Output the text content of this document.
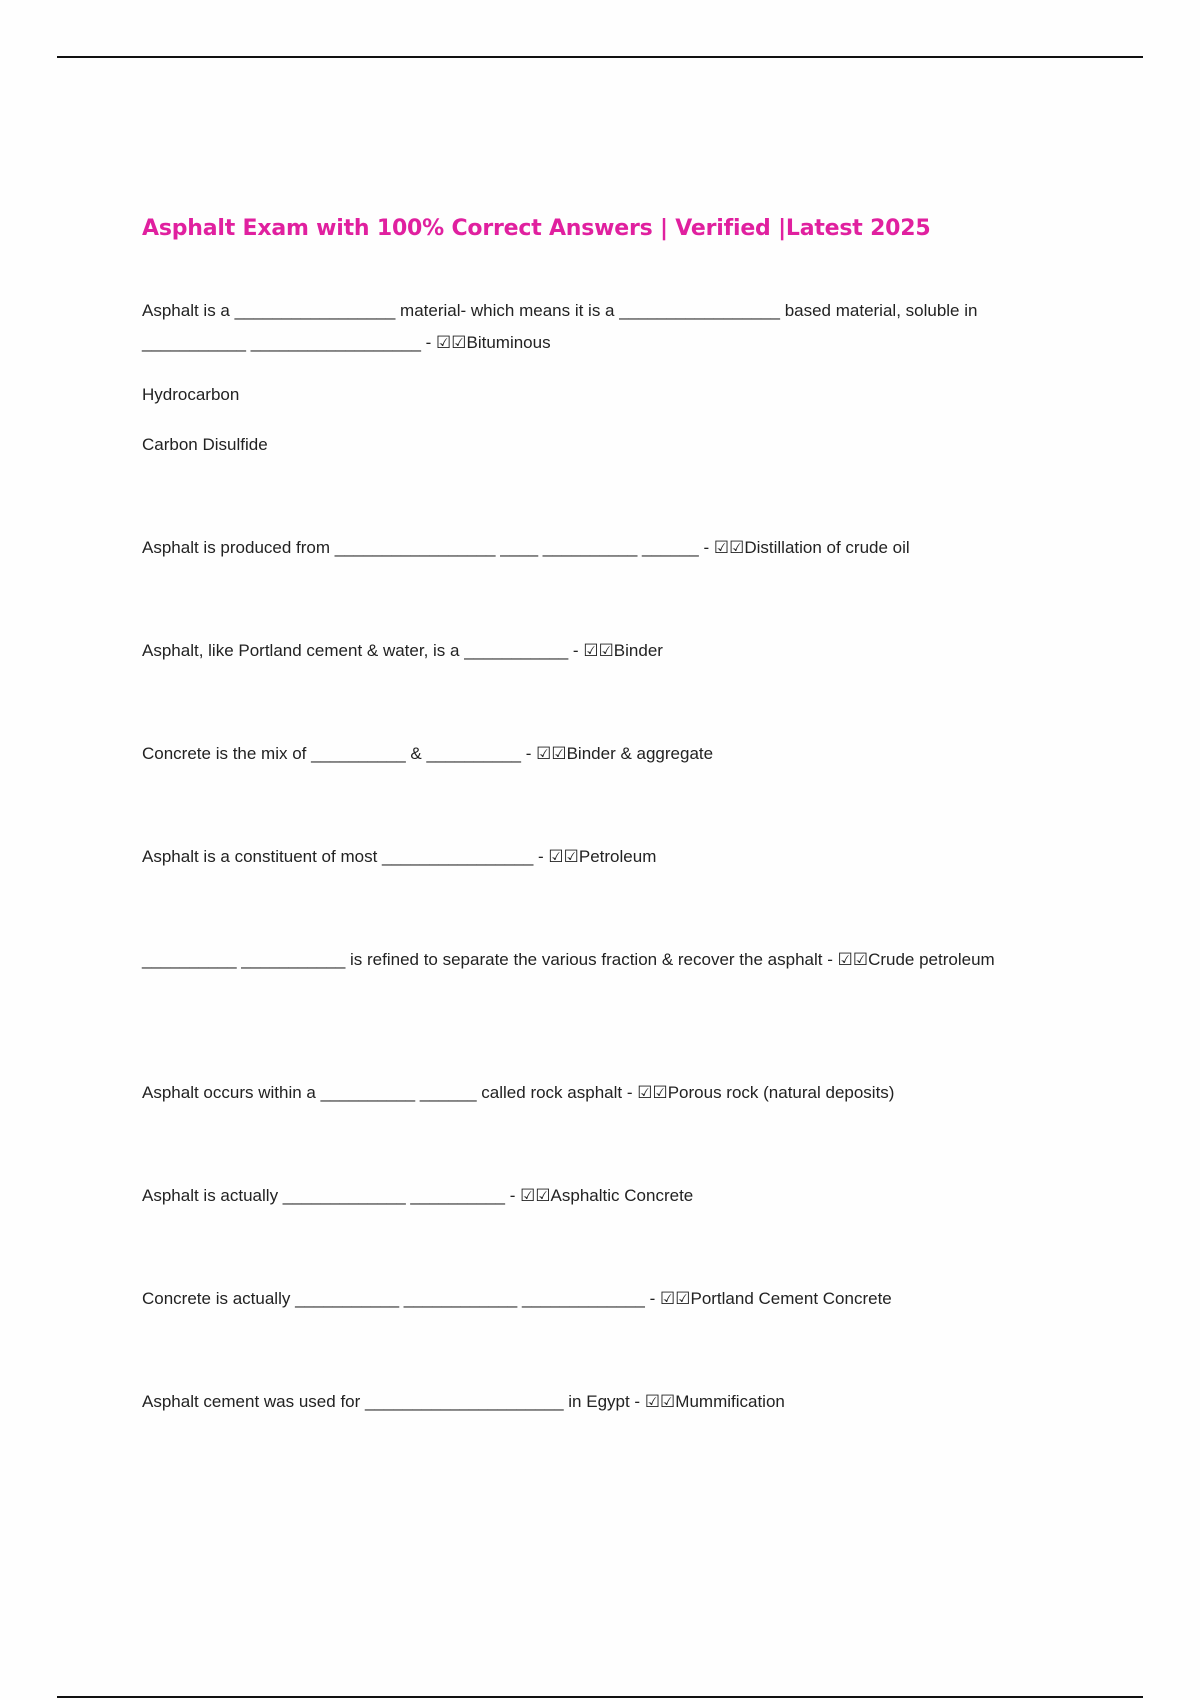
Asphalt Exam with 100% Correct Answers | Verified |Latest 2025

Asphalt is a _________________ material- which means it is a _________________ based material, soluble in ___________ __________________ - ☑☑Bituminous

Hydrocarbon

Carbon Disulfide

Asphalt is produced from _________________ ____ __________ ______ - ☑☑Distillation of crude oil

Asphalt, like Portland cement & water, is a ___________ - ☑☑Binder

Concrete is the mix of __________ & __________ - ☑☑Binder & aggregate

Asphalt is a constituent of most ________________ - ☑☑Petroleum

__________ ___________ is refined to separate the various fraction & recover the asphalt - ☑☑Crude petroleum

Asphalt occurs within a __________ ______ called rock asphalt - ☑☑Porous rock (natural deposits)

Asphalt is actually _____________ __________ - ☑☑Asphaltic Concrete

Concrete is actually ___________ ____________ _____________ - ☑☑Portland Cement Concrete

Asphalt cement was used for _____________________ in Egypt - ☑☑Mummification
